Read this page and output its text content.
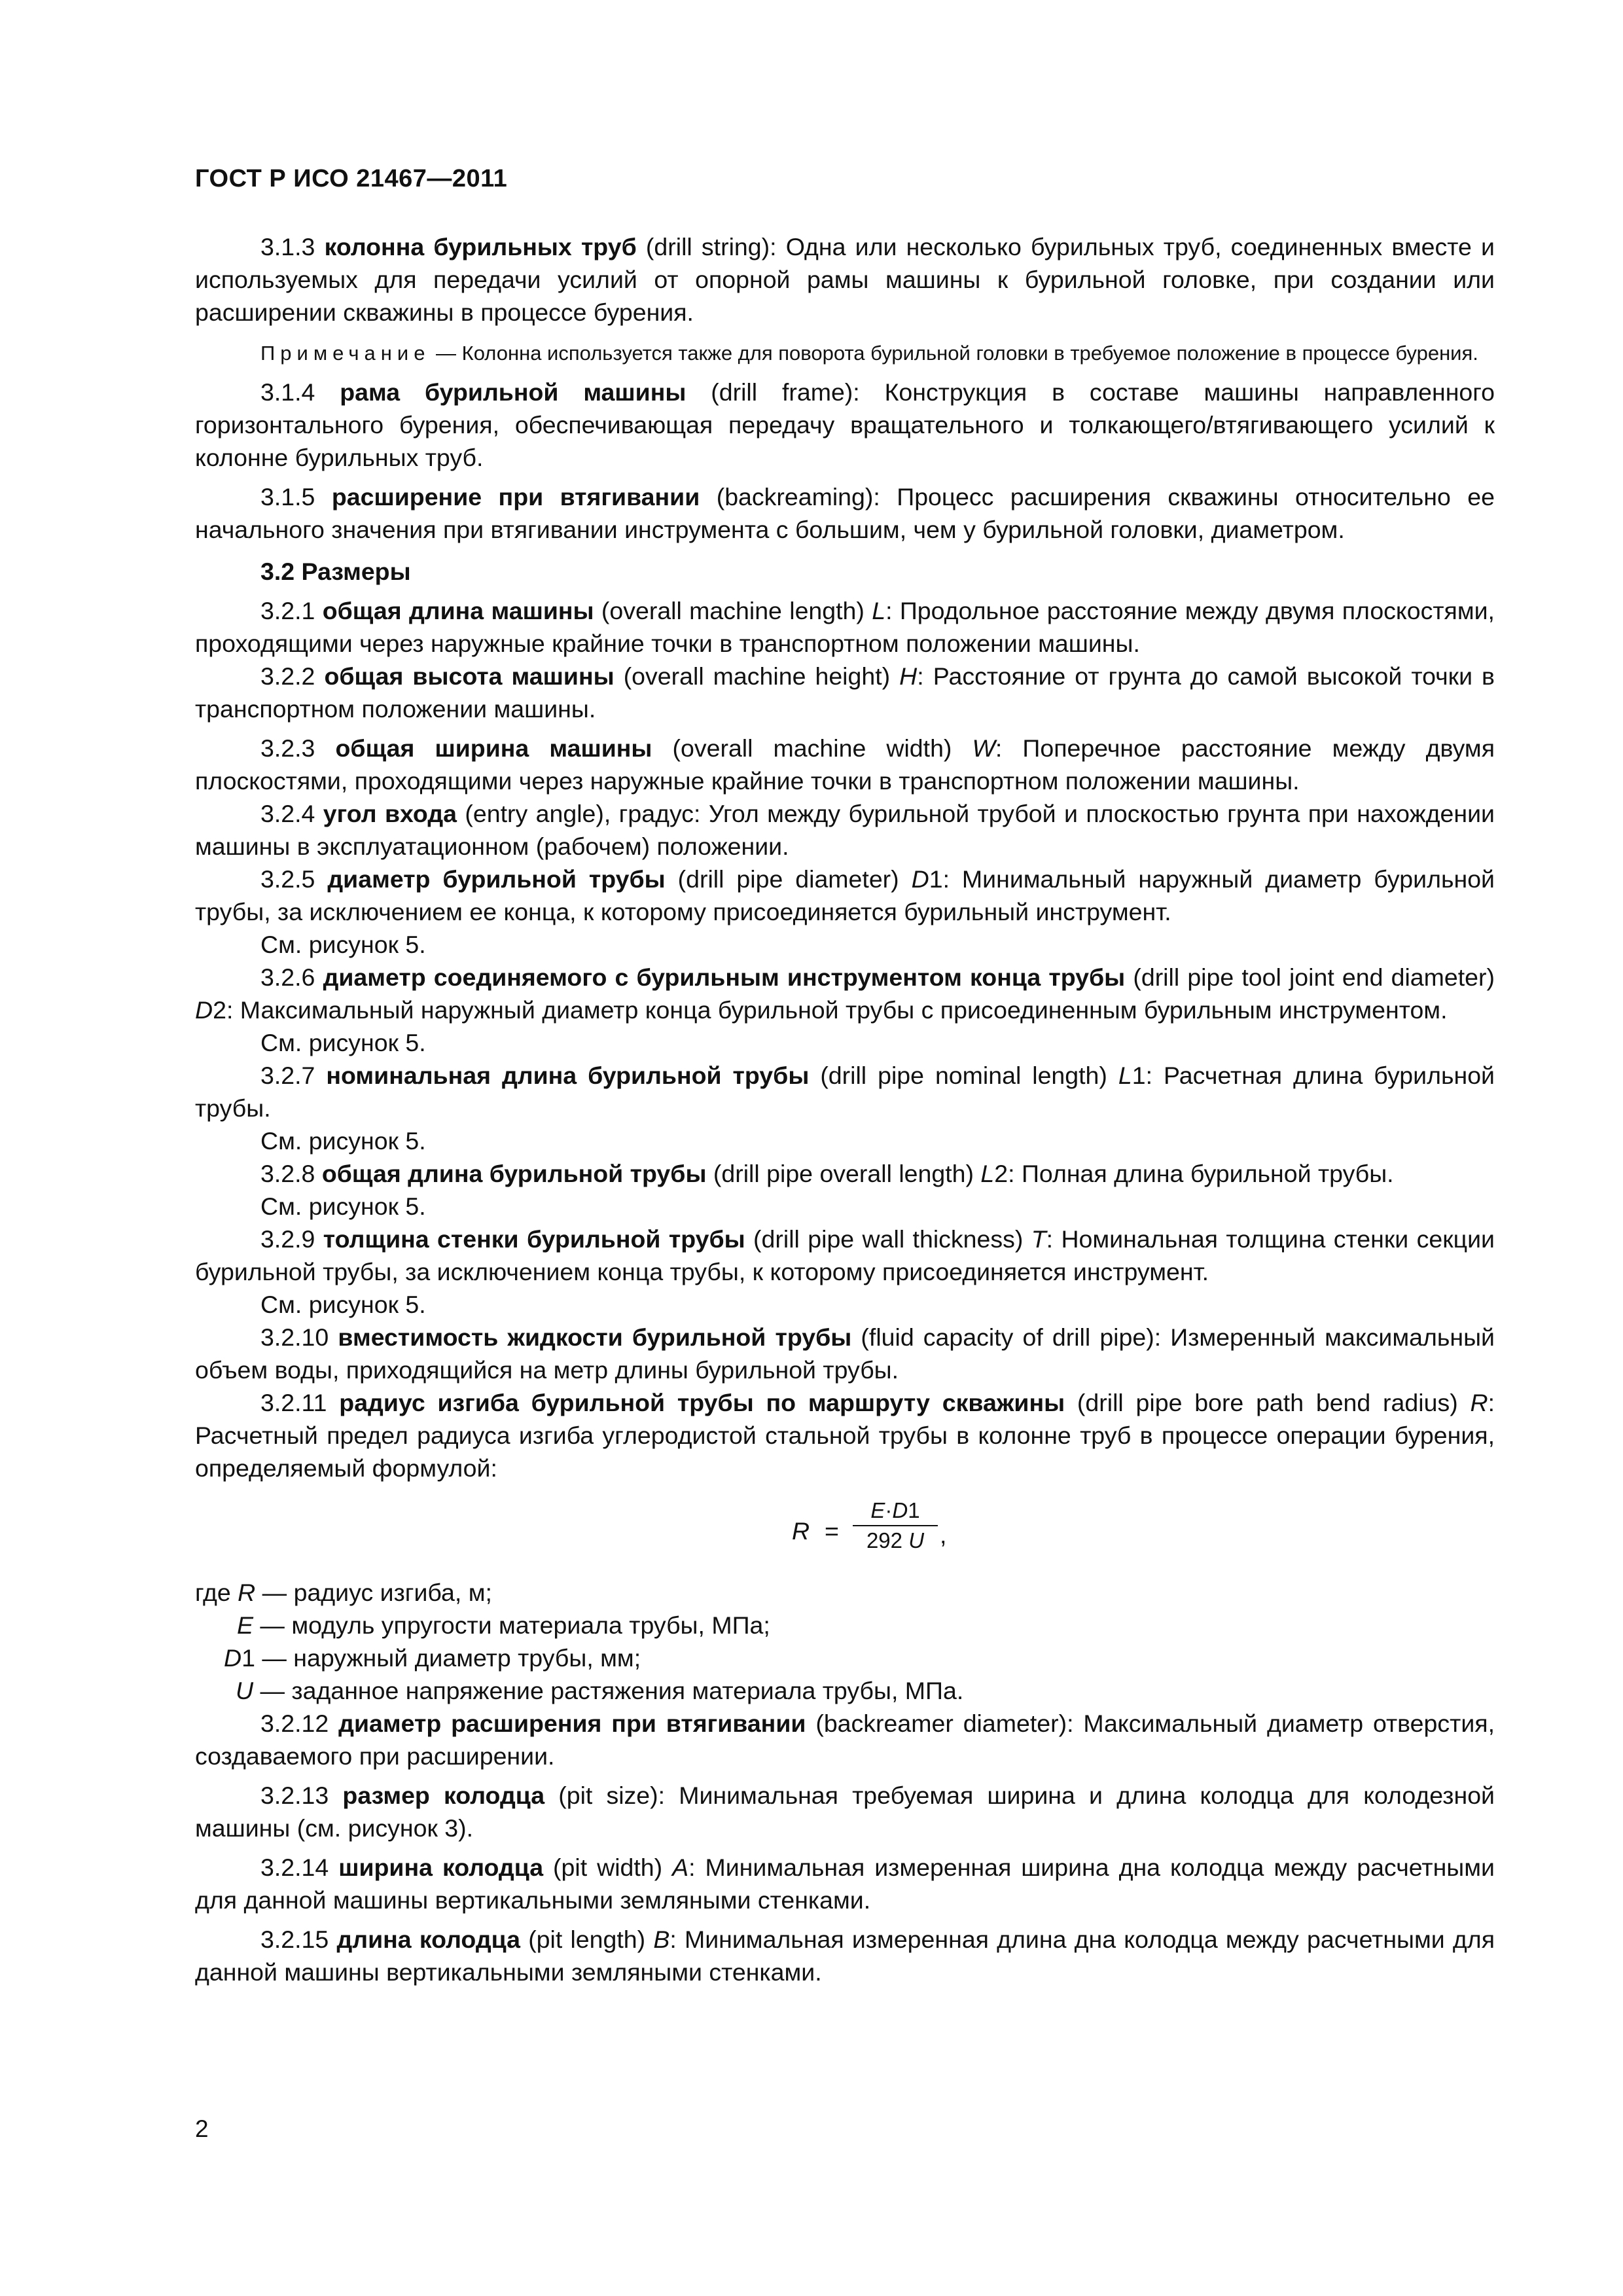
ГОСТ Р ИСО 21467—2011

3.1.3 колонна бурильных труб (drill string): Одна или несколько бурильных труб, соединенных вместе и используемых для передачи усилий от опорной рамы машины к бурильной головке, при создании или расширении скважины в процессе бурения.

Примечание — Колонна используется также для поворота бурильной головки в требуемое положение в процессе бурения.

3.1.4 рама бурильной машины (drill frame): Конструкция в составе машины направленного горизонтального бурения, обеспечивающая передачу вращательного и толкающего/втягивающего усилий к колонне бурильных труб.

3.1.5 расширение при втягивании (backreaming): Процесс расширения скважины относительно ее начального значения при втягивании инструмента с большим, чем у бурильной головки, диаметром.

3.2 Размеры

3.2.1 общая длина машины (overall machine length) L: Продольное расстояние между двумя плоскостями, проходящими через наружные крайние точки в транспортном положении машины.

3.2.2 общая высота машины (overall machine height) H: Расстояние от грунта до самой высокой точки в транспортном положении машины.

3.2.3 общая ширина машины (overall machine width) W: Поперечное расстояние между двумя плоскостями, проходящими через наружные крайние точки в транспортном положении машины.

3.2.4 угол входа (entry angle), градус: Угол между бурильной трубой и плоскостью грунта при нахождении машины в эксплуатационном (рабочем) положении.

3.2.5 диаметр бурильной трубы (drill pipe diameter) D1: Минимальный наружный диаметр бурильной трубы, за исключением ее конца, к которому присоединяется бурильный инструмент.

См. рисунок 5.

3.2.6 диаметр соединяемого с бурильным инструментом конца трубы (drill pipe tool joint end diameter) D2: Максимальный наружный диаметр конца бурильной трубы с присоединенным бурильным инструментом.

См. рисунок 5.

3.2.7 номинальная длина бурильной трубы (drill pipe nominal length) L1: Расчетная длина бурильной трубы.

См. рисунок 5.

3.2.8 общая длина бурильной трубы (drill pipe overall length) L2: Полная длина бурильной трубы.

См. рисунок 5.

3.2.9 толщина стенки бурильной трубы (drill pipe wall thickness) T: Номинальная толщина стенки секции бурильной трубы, за исключением конца трубы, к которому присоединяется инструмент.

См. рисунок 5.

3.2.10 вместимость жидкости бурильной трубы (fluid capacity of drill pipe): Измеренный максимальный объем воды, приходящийся на метр длины бурильной трубы.

3.2.11 радиус изгиба бурильной трубы по маршруту скважины (drill pipe bore path bend radius) R: Расчетный предел радиуса изгиба углеродистой стальной трубы в колонне труб в процессе операции бурения, определяемый формулой:

R =
E·D1
292 U ,

где R — радиус изгиба, м;

E — модуль упругости материала трубы, МПа;

D1 — наружный диаметр трубы, мм;

U — заданное напряжение растяжения материала трубы, МПа.

3.2.12 диаметр расширения при втягивании (backreamer diameter): Максимальный диаметр отверстия, создаваемого при расширении.

3.2.13 размер колодца (pit size): Минимальная требуемая ширина и длина колодца для колодезной машины (см. рисунок 3).

3.2.14 ширина колодца (pit width) A: Минимальная измеренная ширина дна колодца между расчетными для данной машины вертикальными земляными стенками.

3.2.15 длина колодца (pit length) B: Минимальная измеренная длина дна колодца между расчетными для данной машины вертикальными земляными стенками.

2
